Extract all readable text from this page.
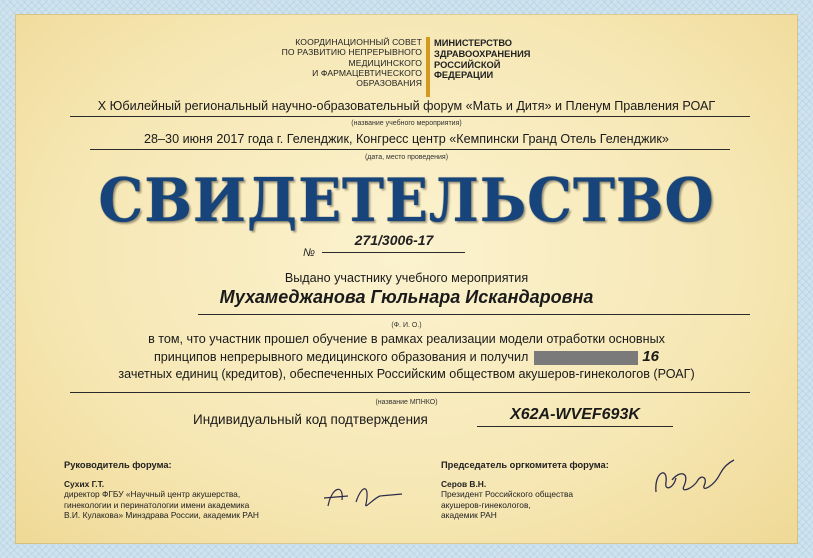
КООРДИНАЦИОННЫЙ СОВЕТ
ПО РАЗВИТИЮ НЕПРЕРЫВНОГО
МЕДИЦИНСКОГО
И ФАРМАЦЕВТИЧЕСКОГО
ОБРАЗОВАНИЯ
МИНИСТЕРСТВО
ЗДРАВООХРАНЕНИЯ
РОССИЙСКОЙ
ФЕДЕРАЦИИ
X Юбилейный региональный научно-образовательный форум «Мать и Дитя» и Пленум Правления РОАГ
(название учебного мероприятия)
28–30 июня 2017 года г. Геленджик, Конгресс центр «Кемпински Гранд Отель Геленджик»
(дата, место проведения)
СВИДЕТЕЛЬСТВО
№
271/3006-17
Выдано участнику учебного мероприятия
Мухамеджанова Гюльнара Искандаровна
(Ф. И. О.)
в том, что участник прошел обучение в рамках реализации модели отработки основных
принципов непрерывного медицинского образования и получил	16
зачетных единиц (кредитов), обеспеченных Российским обществом акушеров-гинекологов (РОАГ)
(название МПНКО)
Индивидуальный код подтверждения	X62A-WVEF693K
Руководитель форума:
Сухих Г.Т.
директор ФГБУ «Научный центр акушерства,
гинекологии и перинатологии имени академика
В.И. Кулакова» Минздрава России, академик РАН
Председатель оргкомитета форума:
Серов В.Н.
Президент Российского общества
акушеров-гинекологов,
академик РАН
